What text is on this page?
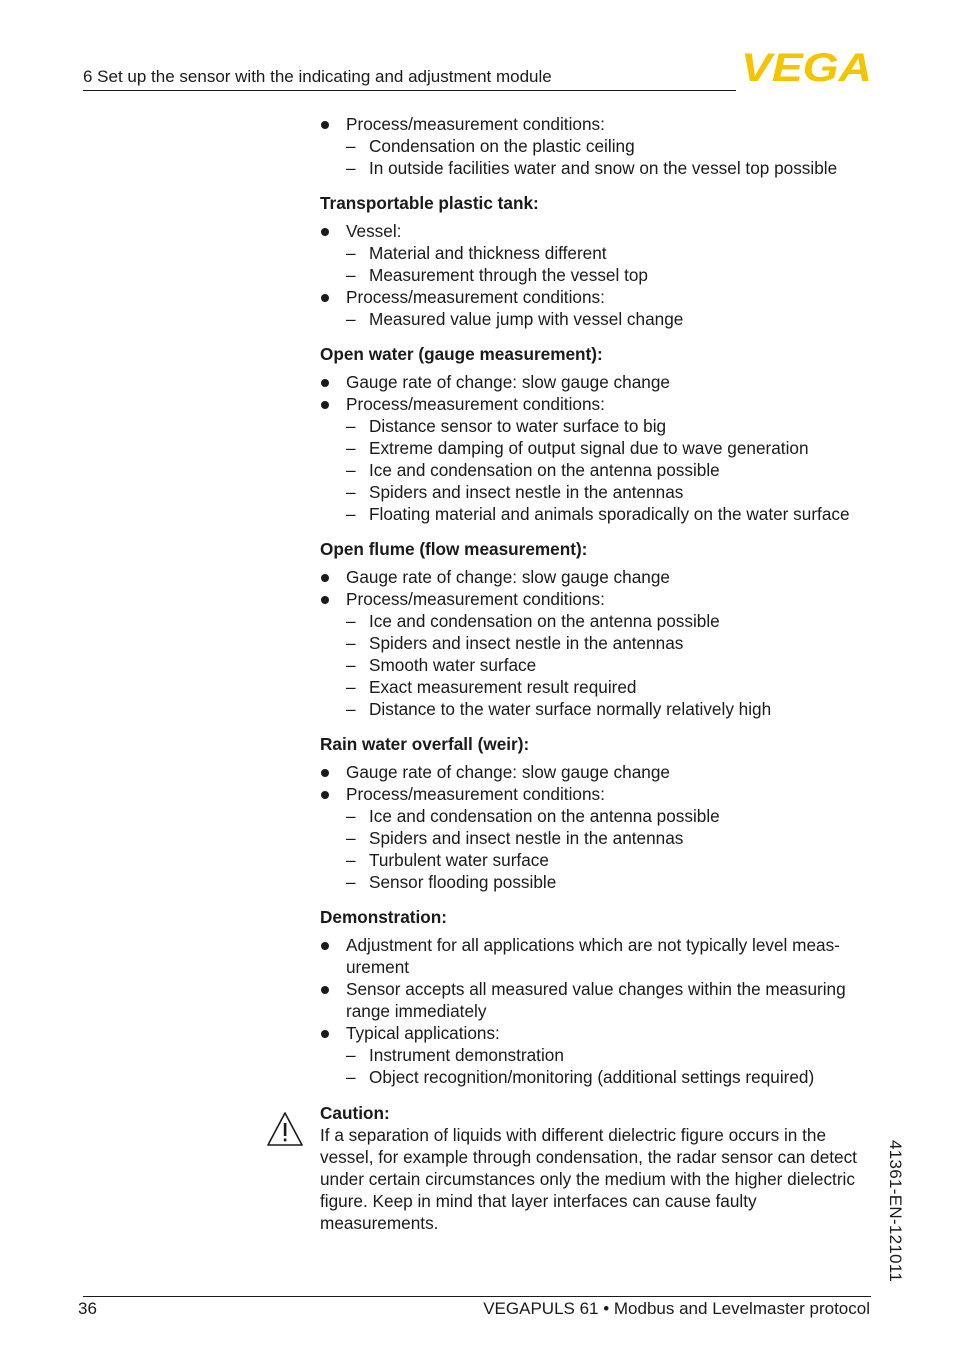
6 Set up the sensor with the indicating and adjustment module	VEGA
Process/measurement conditions:
– Condensation on the plastic ceiling
– In outside facilities water and snow on the vessel top possible
Transportable plastic tank:
Vessel:
– Material and thickness different
– Measurement through the vessel top
Process/measurement conditions:
– Measured value jump with vessel change
Open water (gauge measurement):
Gauge rate of change: slow gauge change
Process/measurement conditions:
– Distance sensor to water surface to big
– Extreme damping of output signal due to wave generation
– Ice and condensation on the antenna possible
– Spiders and insect nestle in the antennas
– Floating material and animals sporadically on the water surface
Open flume (flow measurement):
Gauge rate of change: slow gauge change
Process/measurement conditions:
– Ice and condensation on the antenna possible
– Spiders and insect nestle in the antennas
– Smooth water surface
– Exact measurement result required
– Distance to the water surface normally relatively high
Rain water overfall (weir):
Gauge rate of change: slow gauge change
Process/measurement conditions:
– Ice and condensation on the antenna possible
– Spiders and insect nestle in the antennas
– Turbulent water surface
– Sensor flooding possible
Demonstration:
Adjustment for all applications which are not typically level meas-urement
Sensor accepts all measured value changes within the measuring range immediately
Typical applications:
– Instrument demonstration
– Object recognition/monitoring (additional settings required)
Caution:
If a separation of liquids with different dielectric figure occurs in the vessel, for example through condensation, the radar sensor can detect under certain circumstances only the medium with the higher dielectric figure. Keep in mind that layer interfaces can cause faulty measurements.	41361-EN-121011
36	VEGAPULS 61 • Modbus and Levelmaster protocol
